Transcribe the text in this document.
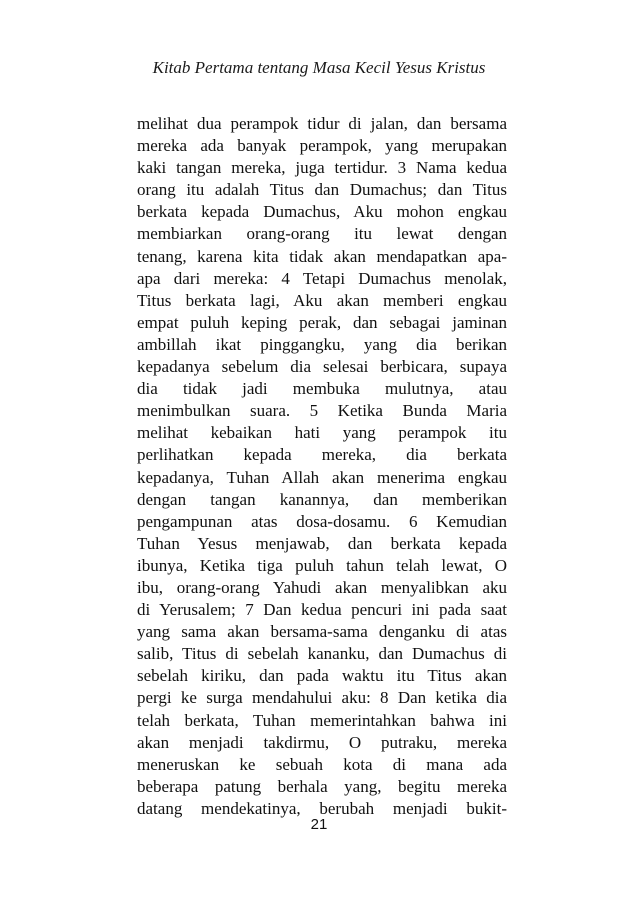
Kitab Pertama tentang Masa Kecil Yesus Kristus
melihat dua perampok tidur di jalan, dan bersama
mereka ada banyak perampok, yang merupakan
kaki tangan mereka, juga tertidur. 3 Nama kedua
orang itu adalah Titus dan Dumachus; dan Titus
berkata kepada Dumachus, Aku mohon engkau
membiarkan orang-orang itu lewat dengan
tenang, karena kita tidak akan mendapatkan apa-
apa dari mereka: 4 Tetapi Dumachus menolak,
Titus berkata lagi, Aku akan memberi engkau
empat puluh keping perak, dan sebagai jaminan
ambillah ikat pinggangku, yang dia berikan
kepadanya sebelum dia selesai berbicara, supaya
dia tidak jadi membuka mulutnya, atau
menimbulkan suara. 5 Ketika Bunda Maria
melihat kebaikan hati yang perampok itu
perlihatkan kepada mereka, dia berkata
kepadanya, Tuhan Allah akan menerima engkau
dengan tangan kanannya, dan memberikan
pengampunan atas dosa-dosamu. 6 Kemudian
Tuhan Yesus menjawab, dan berkata kepada
ibunya, Ketika tiga puluh tahun telah lewat, O
ibu, orang-orang Yahudi akan menyalibkan aku
di Yerusalem; 7 Dan kedua pencuri ini pada saat
yang sama akan bersama-sama denganku di atas
salib, Titus di sebelah kananku, dan Dumachus di
sebelah kiriku, dan pada waktu itu Titus akan
pergi ke surga mendahului aku: 8 Dan ketika dia
telah berkata, Tuhan memerintahkan bahwa ini
akan menjadi takdirmu, O putraku, mereka
meneruskan ke sebuah kota di mana ada
beberapa patung berhala yang, begitu mereka
datang mendekatinya, berubah menjadi bukit-
21
